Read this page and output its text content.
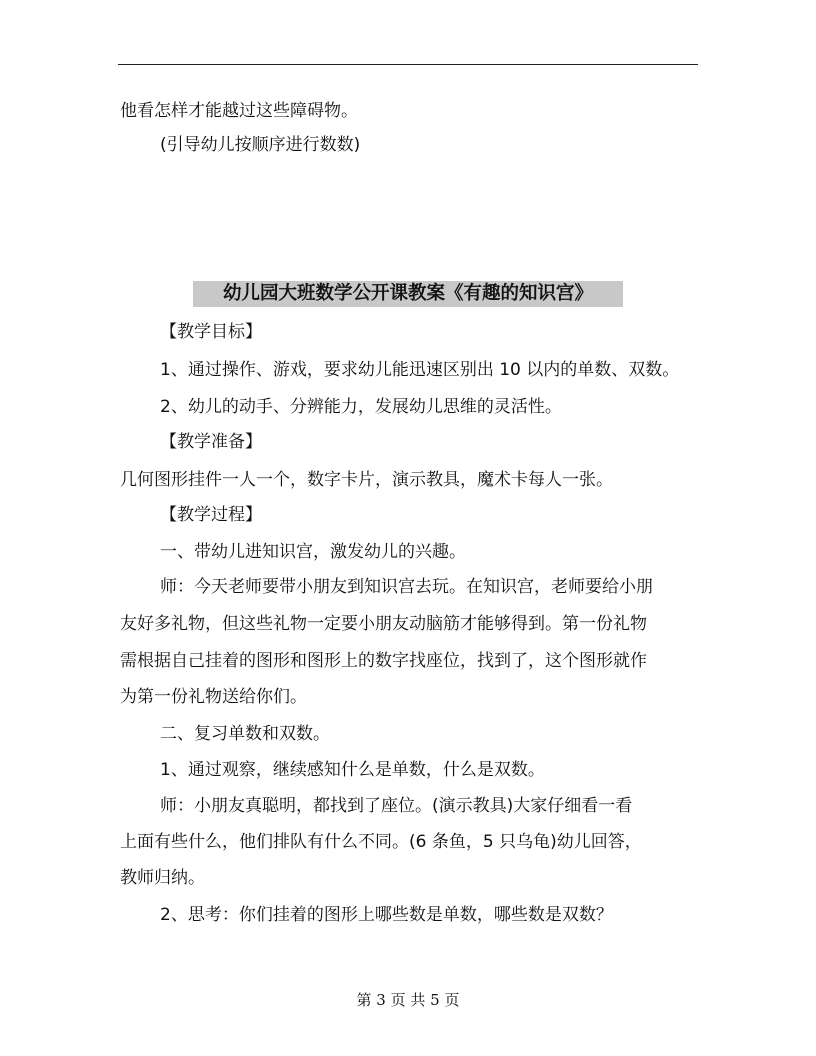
他看怎样才能越过这些障碍物。
(引导幼儿按顺序进行数数)
幼儿园大班数学公开课教案《有趣的知识宫》
【教学目标】
1、通过操作、游戏，要求幼儿能迅速区别出 10 以内的单数、双数。
2、幼儿的动手、分辨能力，发展幼儿思维的灵活性。
【教学准备】
几何图形挂件一人一个，数字卡片，演示教具，魔术卡每人一张。
【教学过程】
一、带幼儿进知识宫，激发幼儿的兴趣。
师：今天老师要带小朋友到知识宫去玩。在知识宫，老师要给小朋
友好多礼物，但这些礼物一定要小朋友动脑筋才能够得到。第一份礼物
需根据自己挂着的图形和图形上的数字找座位，找到了，这个图形就作
为第一份礼物送给你们。
二、复习单数和双数。
1、通过观察，继续感知什么是单数，什么是双数。
师：小朋友真聪明，都找到了座位。(演示教具)大家仔细看一看
上面有些什么，他们排队有什么不同。(6 条鱼，5 只乌龟)幼儿回答，
教师归纳。
2、思考：你们挂着的图形上哪些数是单数，哪些数是双数？
第 3 页 共 5 页
